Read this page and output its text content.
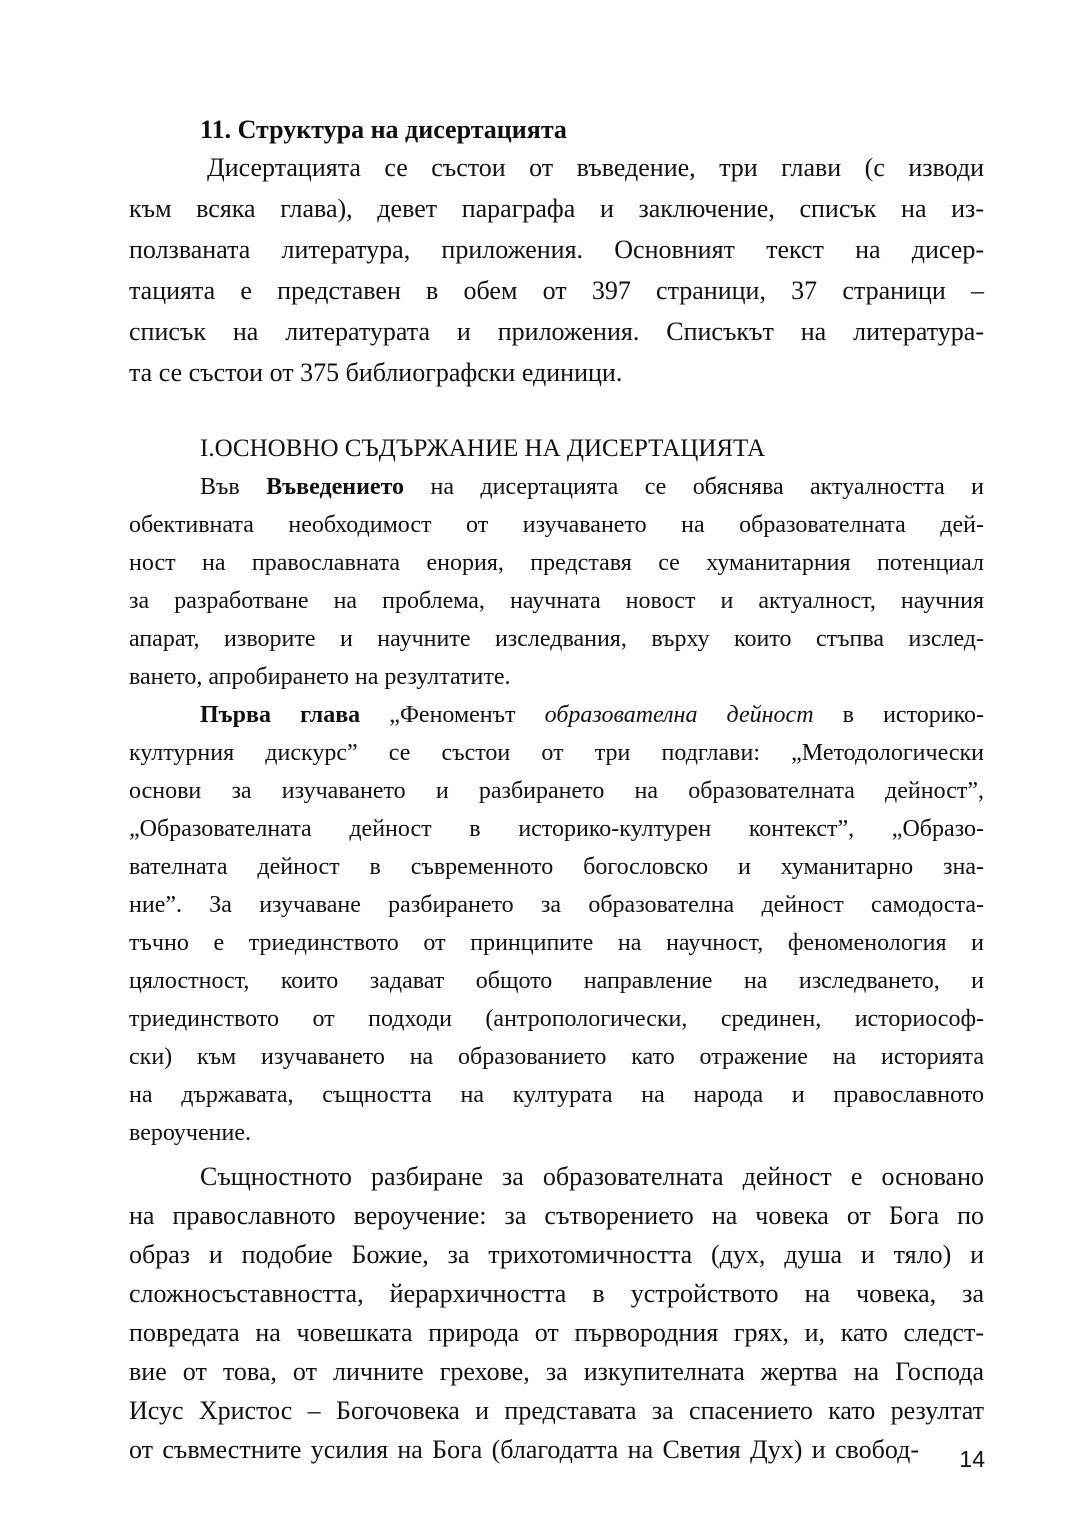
11. Структура на дисертацията
Дисертацията се състои от въведение, три глави (с изводи
към всяка глава), девет параграфа и заключение, списък на из-
ползваната литература, приложения. Основният текст на дисер-
тацията е представен в обем от 397 страници, 37 страници –
списък на литературата и приложения. Списъкът на литература-
та се състои от 375 библиографски единици.
I.ОСНОВНО СЪДЪРЖАНИЕ НА ДИСЕРТАЦИЯТА
Във Въведението на дисертацията се обяснява актуалността и
обективната необходимост от изучаването на образователната дей-
ност на православната енория, представя се хуманитарния потенциал
за разработване на проблема, научната новост и актуалност, научния
апарат, изворите и научните изследвания, върху които стъпва изслед-
ването, апробирането на резултатите.
Първа глава „Феноменът образователна дейност в историко-
културния дискурс” се състои от три подглави: „Методологически
основи за изучаването и разбирането на образователната дейност”,
„Образователната дейност в историко-културен контекст”, „Образо-
вателната дейност в съвременното богословско и хуманитарно зна-
ние”. За изучаване разбирането за образователна дейност самодоста-
тъчно е триединството от принципите на научност, феноменология и
цялостност, които задават общото направление на изследването, и
триединството от подходи (антропологически, срединен, историософ-
ски) към изучаването на образованието като отражение на историята
на държавата, същността на културата на народа и православното
вероучение.
Същностното разбиране за образователната дейност е основано
на православното вероучение: за сътворението на човека от Бога по
образ и подобие Божие, за трихотомичността (дух, душа и тяло) и
сложносъставността, йерархичността в устройството на човека, за
повредата на човешката природа от първородния грях, и, като следст-
вие от това, от личните грехове, за изкупителната жертва на Господа
Исус Христос – Богочовека и представата за спасението като резултат
от съвместните усилия на Бога (благодатта на Светия Дух) и свобод-	14
